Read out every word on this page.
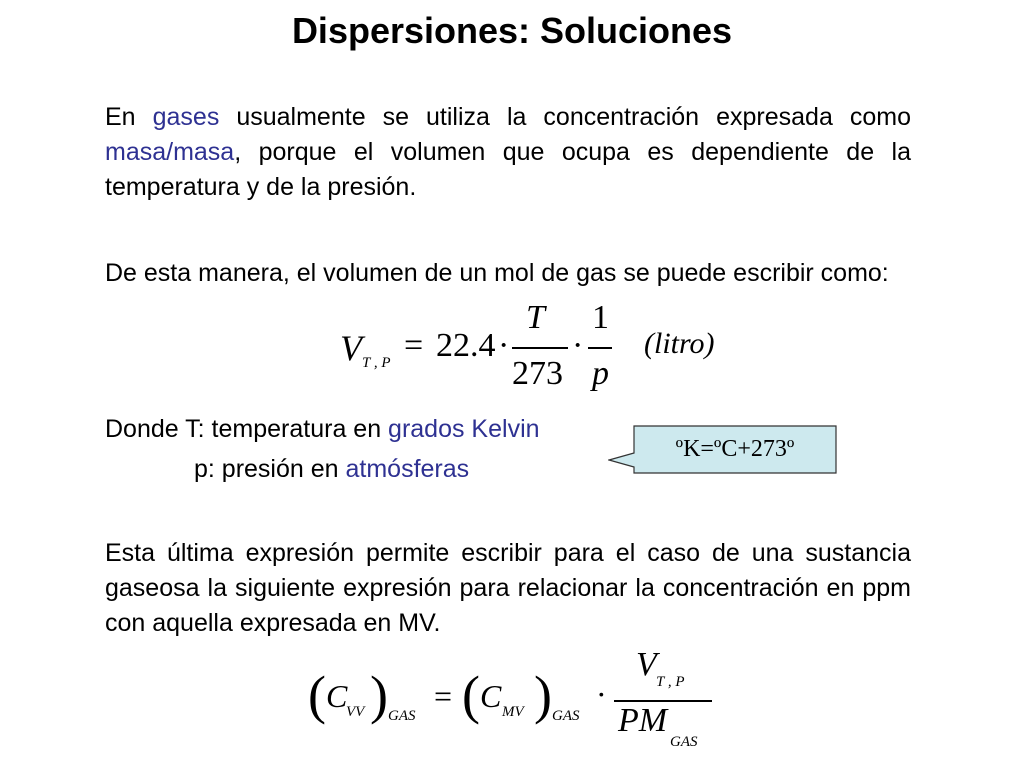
Dispersiones: Soluciones

En gases usualmente se utiliza la concentración expresada como masa/masa, porque el volumen que ocupa es dependiente de la temperatura y de la presión.

De esta manera, el volumen de un mol de gas se puede escribir como:

V T , P = 22.4 ·
T
273
·
1
p
(litro)
Donde T: temperatura en grados Kelvin
p: presión en atmósferas
ºK=ºC+273º

Esta última expresión permite escribir para el caso de una sustancia gaseosa la siguiente expresión para relacionar la concentración en ppm con aquella expresada en MV.

( C
VV ) GAS
= ( C MV ) GAS
·
V T , P
PM
GAS
